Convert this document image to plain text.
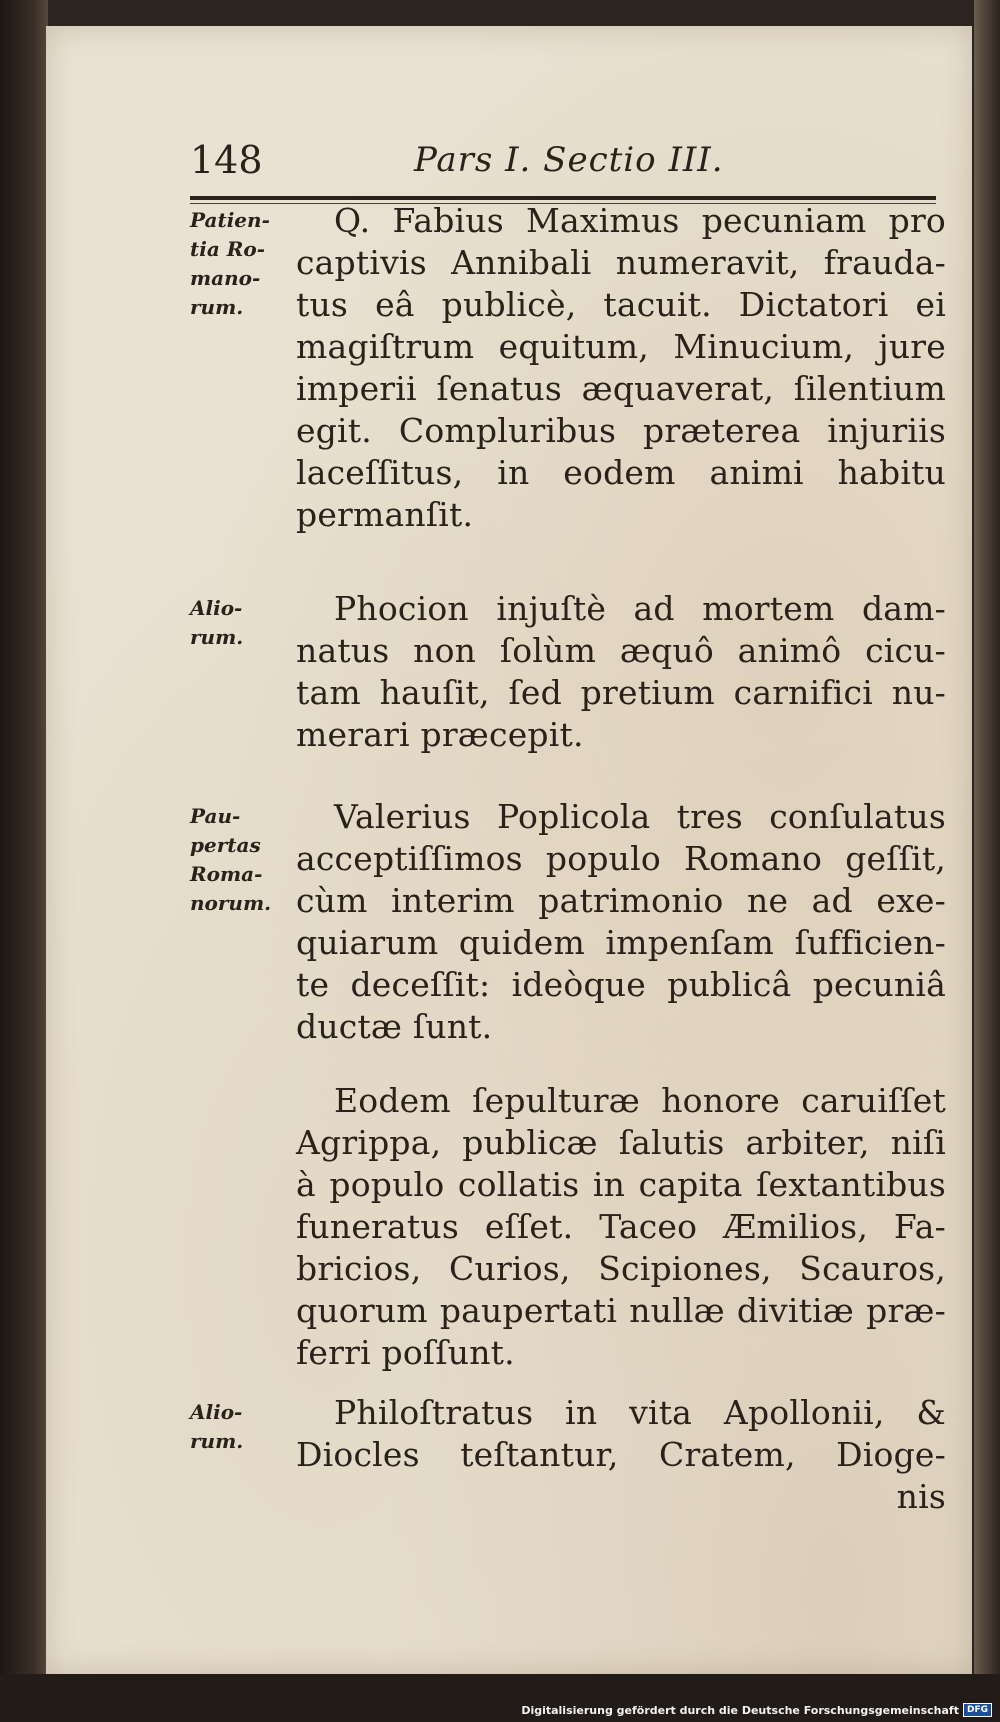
148	Pars I. Sectio III.
Patien-
tia Ro-
mano-
rum.
Q. Fabius Maximus pecuniam pro
captivis Annibali numeravit, frauda-
tus eâ publicè, tacuit. Dictatori ei
magiſtrum equitum, Minucium, jure
imperii ſenatus æquaverat, ſilentium
egit. Compluribus præterea injuriis
laceſſitus, in eodem animi habitu
permanſit.
Alio-
rum.
Phocion injuſtè ad mortem dam-
natus non ſolùm æquô animô cicu-
tam hauſit, ſed pretium carnifici nu-
merari præcepit.
Pau-
pertas
Roma-
norum.
Valerius Poplicola tres conſulatus
acceptiſſimos populo Romano geſſit,
cùm interim patrimonio ne ad exe-
quiarum quidem impenſam ſufficien-
te deceſſit: ideòque publicâ pecuniâ
ductæ ſunt.
Eodem ſepulturæ honore caruiſſet
Agrippa, publicæ ſalutis arbiter, niſi
à populo collatis in capita ſextantibus
funeratus eſſet. Taceo Æmilios, Fa-
bricios, Curios, Scipiones, Scauros,
quorum paupertati nullæ divitiæ præ-
ferri poſſunt.
Alio-
rum.
Philoſtratus in vita Apollonii, &
Diocles teſtantur, Cratem, Dioge-
nis
Digitalisierung gefördert durch die Deutsche Forschungsgemeinschaft DFG
